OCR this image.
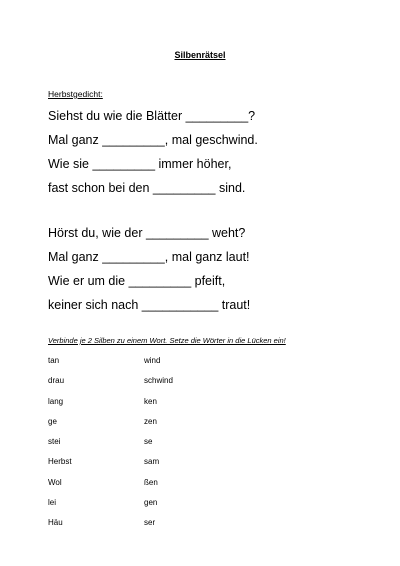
Silbenrätsel
Herbstgedicht:
Siehst du wie die Blätter _________?
Mal ganz _________, mal geschwind.
Wie sie _________ immer höher,
fast schon bei den _________ sind.
Hörst du, wie der _________ weht?
Mal ganz _________, mal ganz laut!
Wie er um die _________ pfeift,
keiner sich nach ___________ traut!
Verbinde je 2 Silben zu einem Wort. Setze die Wörter in die Lücken ein!
tan	wind
drau	schwind
lang	ken
ge	zen
stei	se
Herbst	sam
Wol	ßen
lei	gen
Häu	ser
